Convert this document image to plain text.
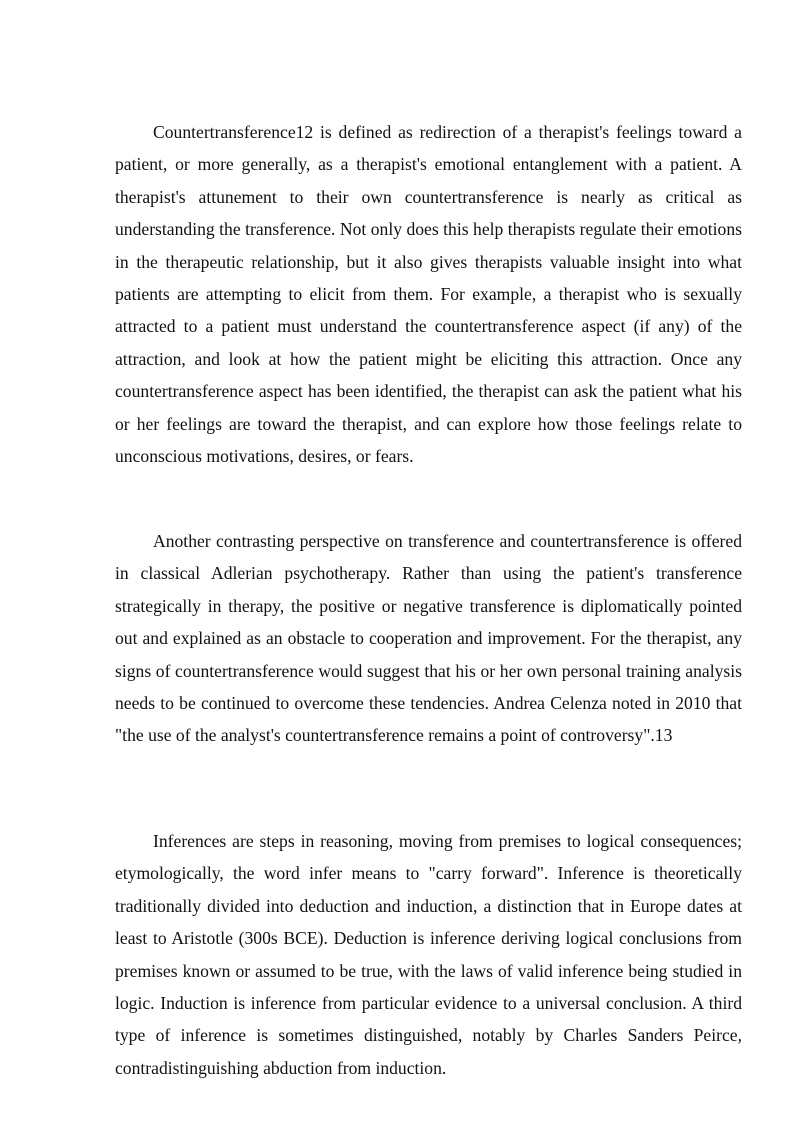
Countertransference12 is defined as redirection of a therapist's feelings toward a patient, or more generally, as a therapist's emotional entanglement with a patient. A therapist's attunement to their own countertransference is nearly as critical as understanding the transference. Not only does this help therapists regulate their emotions in the therapeutic relationship, but it also gives therapists valuable insight into what patients are attempting to elicit from them. For example, a therapist who is sexually attracted to a patient must understand the countertransference aspect (if any) of the attraction, and look at how the patient might be eliciting this attraction. Once any countertransference aspect has been identified, the therapist can ask the patient what his or her feelings are toward the therapist, and can explore how those feelings relate to unconscious motivations, desires, or fears.

Another contrasting perspective on transference and countertransference is offered in classical Adlerian psychotherapy. Rather than using the patient's transference strategically in therapy, the positive or negative transference is diplomatically pointed out and explained as an obstacle to cooperation and improvement. For the therapist, any signs of countertransference would suggest that his or her own personal training analysis needs to be continued to overcome these tendencies. Andrea Celenza noted in 2010 that "the use of the analyst's countertransference remains a point of controversy".13

Inferences are steps in reasoning, moving from premises to logical consequences; etymologically, the word infer means to "carry forward". Inference is theoretically traditionally divided into deduction and induction, a distinction that in Europe dates at least to Aristotle (300s BCE). Deduction is inference deriving logical conclusions from premises known or assumed to be true, with the laws of valid inference being studied in logic. Induction is inference from particular evidence to a universal conclusion. A third type of inference is sometimes distinguished, notably by Charles Sanders Peirce, contradistinguishing abduction from induction.
